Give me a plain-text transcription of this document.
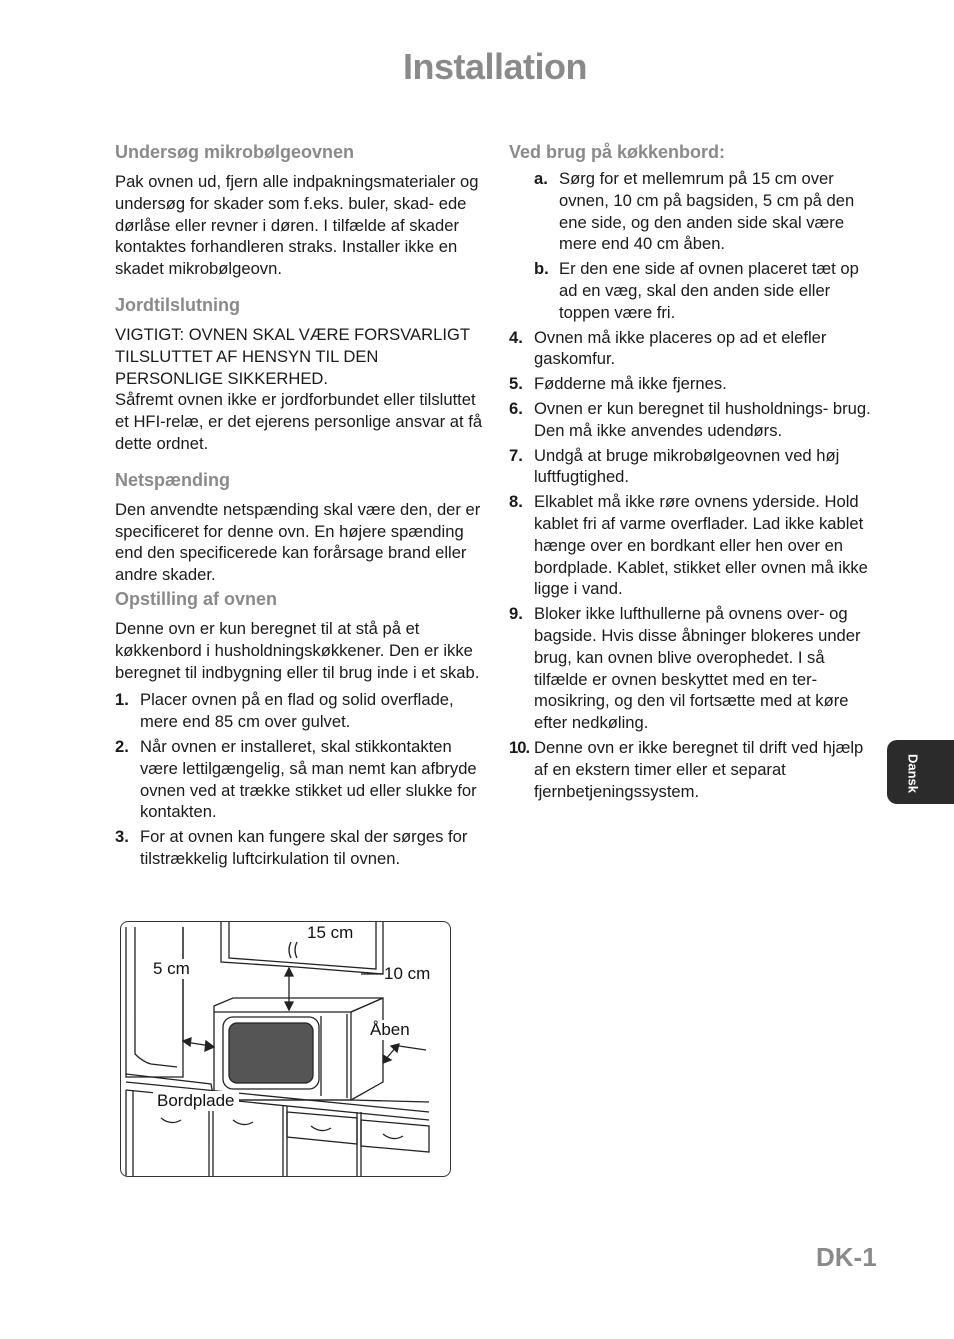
Installation
Undersøg mikrobølgeovnen

Pak ovnen ud, fjern alle indpakningsmaterialer og undersøg for skader som f.eks. buler, skad- ede dørlåse eller revner i døren. I tilfælde af skader kontaktes forhandleren straks. Installer ikke en skadet mikrobølgeovn.

Jordtilslutning

VIGTIGT: OVNEN SKAL VÆRE FORSVARLIGT TILSLUTTET AF HENSYN TIL DEN PERSONLIGE SIKKERHED.

Såfremt ovnen ikke er jordforbundet eller tilsluttet et HFI-relæ, er det ejerens personlige ansvar at få dette ordnet.

Netspænding

Den anvendte netspænding skal være den, der er specificeret for denne ovn. En højere spænding end den specificerede kan forårsage brand eller andre skader.

Opstilling af ovnen

Denne ovn er kun beregnet til at stå på et køkkenbord i husholdningskøkkener. Den er ikke beregnet til indbygning eller til brug inde i et skab.

1. Placer ovnen på en flad og solid overflade, mere end 85 cm over gulvet.
2. Når ovnen er installeret, skal stikkontakten være lettilgængelig, så man nemt kan afbryde ovnen ved at trække stikket ud eller slukke for kontakten.
3. For at ovnen kan fungere skal der sørges for tilstrækkelig luftcirkulation til ovnen.
Ved brug på køkkenbord:
a. Sørg for et mellemrum på 15 cm over ovnen, 10 cm på bagsiden, 5 cm på den ene side, og den anden side skal være mere end 40 cm åben.
b. Er den ene side af ovnen placeret tæt op ad en væg, skal den anden side eller toppen være fri.
4. Ovnen må ikke placeres op ad et elefler gaskomfur.
5. Fødderne må ikke fjernes.
6. Ovnen er kun beregnet til husholdnings- brug. Den må ikke anvendes udendørs.
7. Undgå at bruge mikrobølgeovnen ved høj luftfugtighed.
8. Elkablet må ikke røre ovnens yderside. Hold kablet fri af varme overflader. Lad ikke kablet hænge over en bordkant eller hen over en bordplade. Kablet, stikket eller ovnen må ikke ligge i vand.
9. Bloker ikke lufthullerne på ovnens over- og bagside. Hvis disse åbninger blokeres under brug, kan ovnen blive overophedet. I så tilfælde er ovnen beskyttet med en ter- mosikring, og den vil fortsætte med at køre efter nedkøling.
10. Denne ovn er ikke beregnet til drift ved hjælp af en ekstern timer eller et separat fjernbetjeningssystem.
15 cm
5 cm	10 cm
Åben
Bordplade
Dansk
DK-1
